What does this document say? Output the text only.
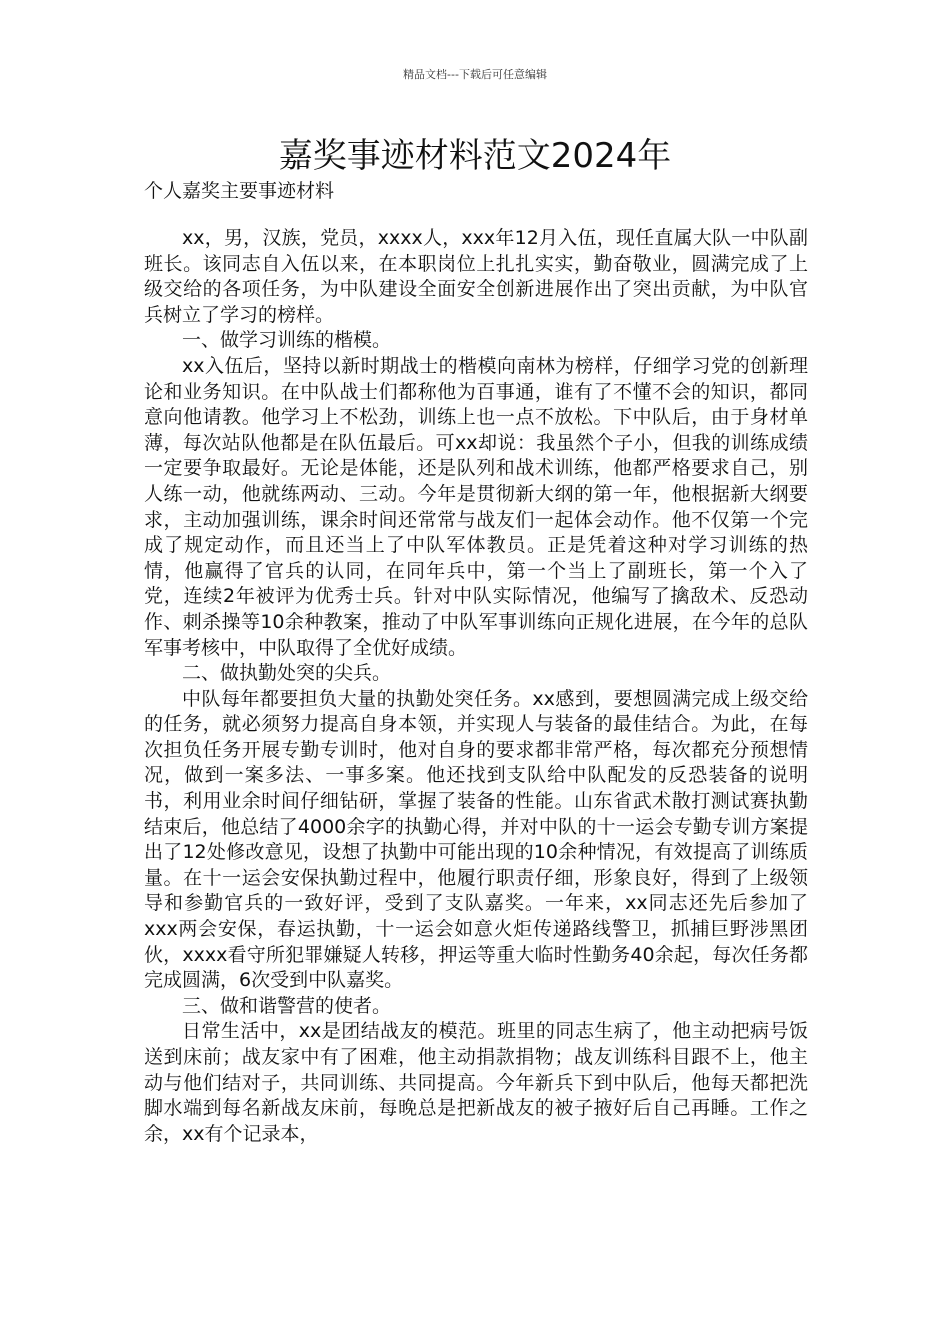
精品文档---下载后可任意编辑
嘉奖事迹材料范文2024年
个人嘉奖主要事迹材料

xx，男，汉族，党员，xxxx人，xxx年12月入伍，现任直属大队一中队副班长。该同志自入伍以来，在本职岗位上扎扎实实，勤奋敬业，圆满完成了上级交给的各项任务，为中队建设全面安全创新进展作出了突出贡献，为中队官兵树立了学习的榜样。

一、做学习训练的楷模。

xx入伍后，坚持以新时期战士的楷模向南林为榜样，仔细学习党的创新理论和业务知识。在中队战士们都称他为百事通，谁有了不懂不会的知识，都同意向他请教。他学习上不松劲，训练上也一点不放松。下中队后，由于身材单薄，每次站队他都是在队伍最后。可xx却说：我虽然个子小，但我的训练成绩一定要争取最好。无论是体能，还是队列和战术训练，他都严格要求自己，别人练一动，他就练两动、三动。今年是贯彻新大纲的第一年，他根据新大纲要求，主动加强训练，课余时间还常常与战友们一起体会动作。他不仅第一个完成了规定动作，而且还当上了中队军体教员。正是凭着这种对学习训练的热情，他赢得了官兵的认同，在同年兵中，第一个当上了副班长，第一个入了党，连续2年被评为优秀士兵。针对中队实际情况，他编写了擒敌术、反恐动作、刺杀操等10余种教案，推动了中队军事训练向正规化进展，在今年的总队军事考核中，中队取得了全优好成绩。

二、做执勤处突的尖兵。

中队每年都要担负大量的执勤处突任务。xx感到，要想圆满完成上级交给的任务，就必须努力提高自身本领，并实现人与装备的最佳结合。为此，在每次担负任务开展专勤专训时，他对自身的要求都非常严格，每次都充分预想情况，做到一案多法、一事多案。他还找到支队给中队配发的反恐装备的说明书，利用业余时间仔细钻研，掌握了装备的性能。山东省武术散打测试赛执勤结束后，他总结了4000余字的执勤心得，并对中队的十一运会专勤专训方案提出了12处修改意见，设想了执勤中可能出现的10余种情况，有效提高了训练质量。在十一运会安保执勤过程中，他履行职责仔细，形象良好，得到了上级领导和参勤官兵的一致好评，受到了支队嘉奖。一年来，xx同志还先后参加了xxx两会安保，春运执勤，十一运会如意火炬传递路线警卫，抓捕巨野涉黑团伙，xxxx看守所犯罪嫌疑人转移，押运等重大临时性勤务40余起，每次任务都完成圆满，6次受到中队嘉奖。

三、做和谐警营的使者。

日常生活中，xx是团结战友的模范。班里的同志生病了，他主动把病号饭送到床前；战友家中有了困难，他主动捐款捐物；战友训练科目跟不上，他主动与他们结对子，共同训练、共同提高。今年新兵下到中队后，他每天都把洗脚水端到每名新战友床前，每晚总是把新战友的被子掖好后自己再睡。工作之余，xx有个记录本，
